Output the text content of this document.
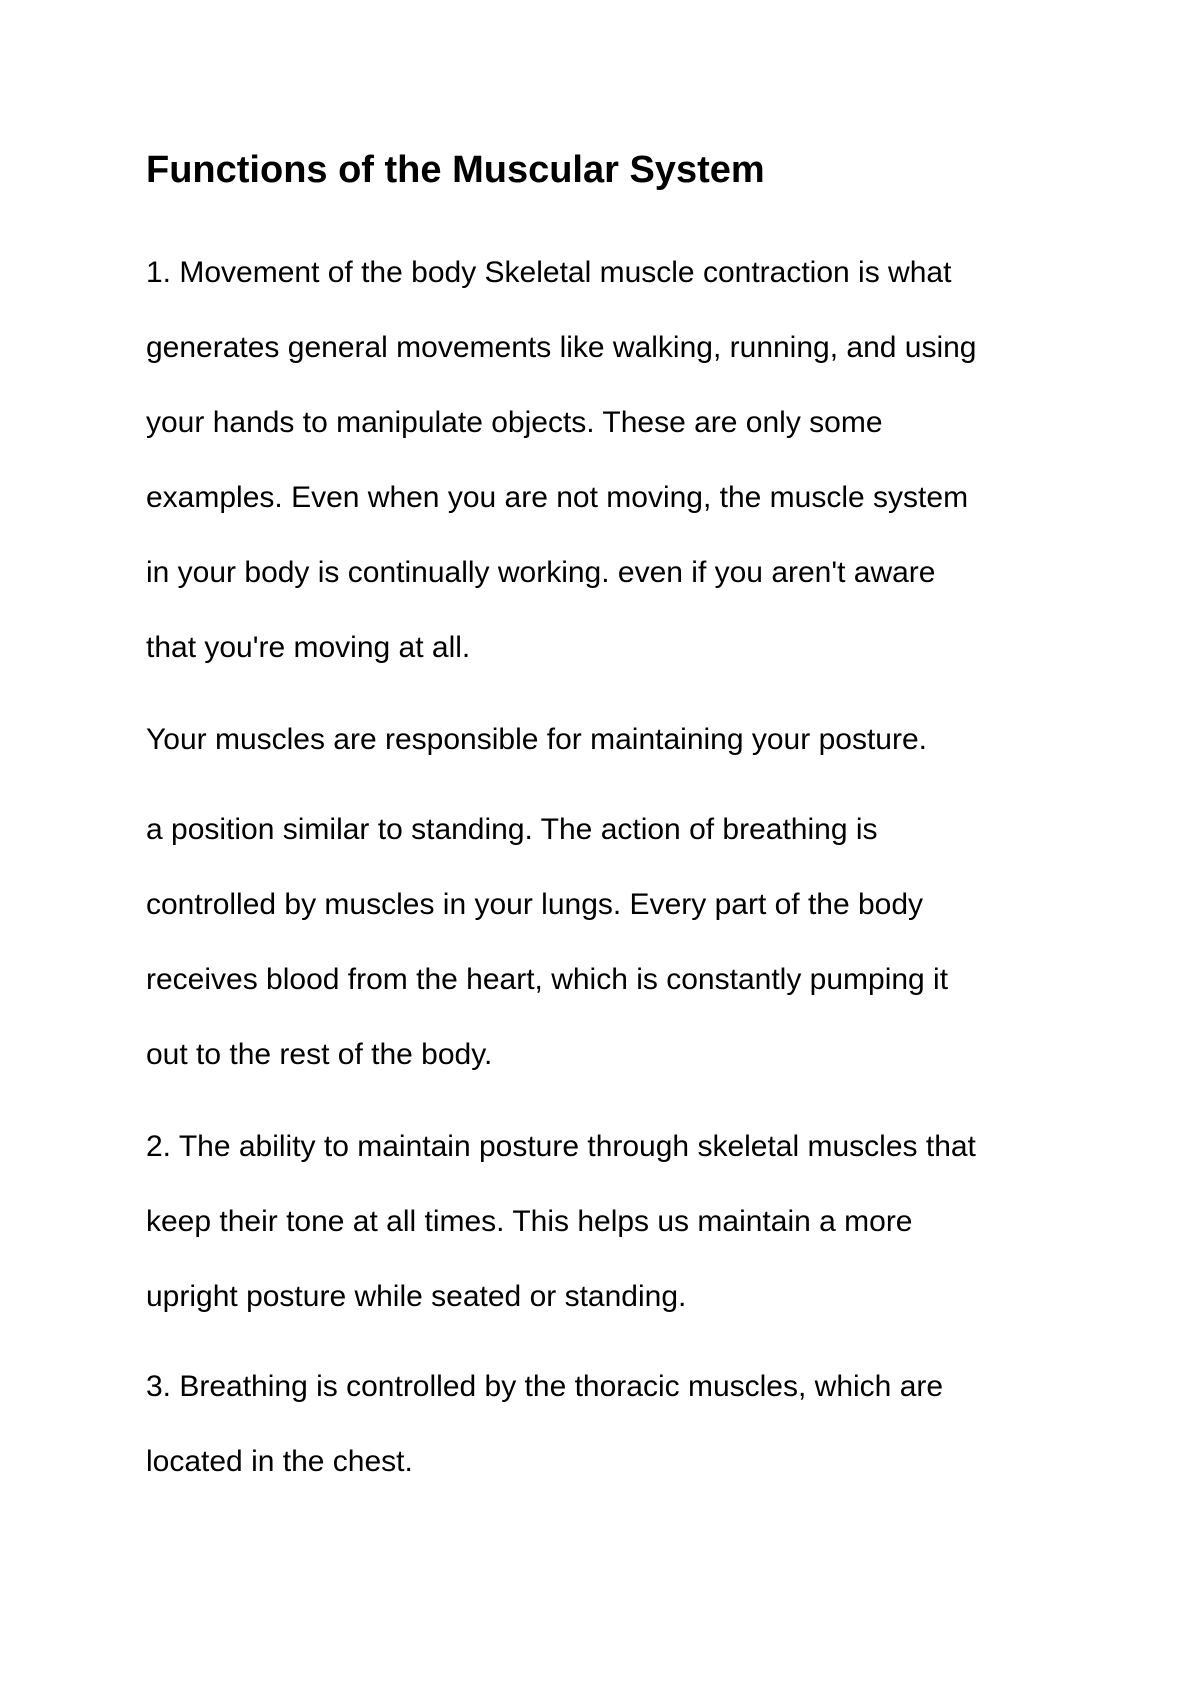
Functions of the Muscular System
1. Movement of the body Skeletal muscle contraction is what
generates general movements like walking, running, and using
your hands to manipulate objects. These are only some
examples. Even when you are not moving, the muscle system
in your body is continually working. even if you aren't aware
that you're moving at all.
Your muscles are responsible for maintaining your posture.
a position similar to standing. The action of breathing is
controlled by muscles in your lungs. Every part of the body
receives blood from the heart, which is constantly pumping it
out to the rest of the body.
2. The ability to maintain posture through skeletal muscles that
keep their tone at all times. This helps us maintain a more
upright posture while seated or standing.
3. Breathing is controlled by the thoracic muscles, which are
located in the chest.
